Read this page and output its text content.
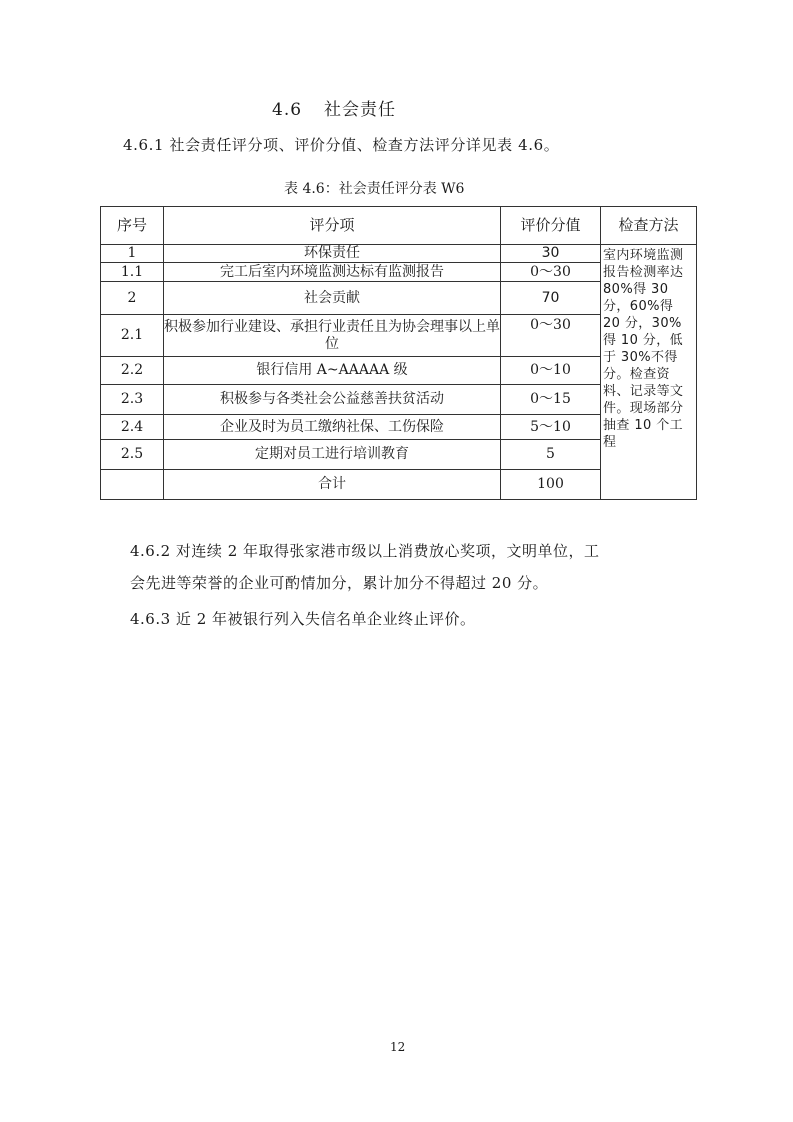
4.6 社会责任
4.6.1 社会责任评分项、评价分值、检查方法评分详见表 4.6。
表 4.6：社会责任评分表 W6
序号	评分项	评价分值	检查方法
1	环保责任	30	室内环境监测报告检测率达80%得 30 分，60%得 20 分，30%得 10 分，低于 30%不得分。检查资料、记录等文件。现场部分抽查 10 个工程
1.1	完工后室内环境监测达标有监测报告	0～30	
2	社会贡献	70	
2.1	积极参加行业建设、承担行业责任且为协会理事以上单位	0～30	
2.2	银行信用 A~AAAAA 级	0～10	
2.3	积极参与各类社会公益慈善扶贫活动	0～15	
2.4	企业及时为员工缴纳社保、工伤保险	5～10	
2.5	定期对员工进行培训教育	5	
	合计	100	
4.6.2 对连续 2 年取得张家港市级以上消费放心奖项，文明单位，工
会先进等荣誉的企业可酌情加分，累计加分不得超过 20 分。
4.6.3 近 2 年被银行列入失信名单企业终止评价。
12
